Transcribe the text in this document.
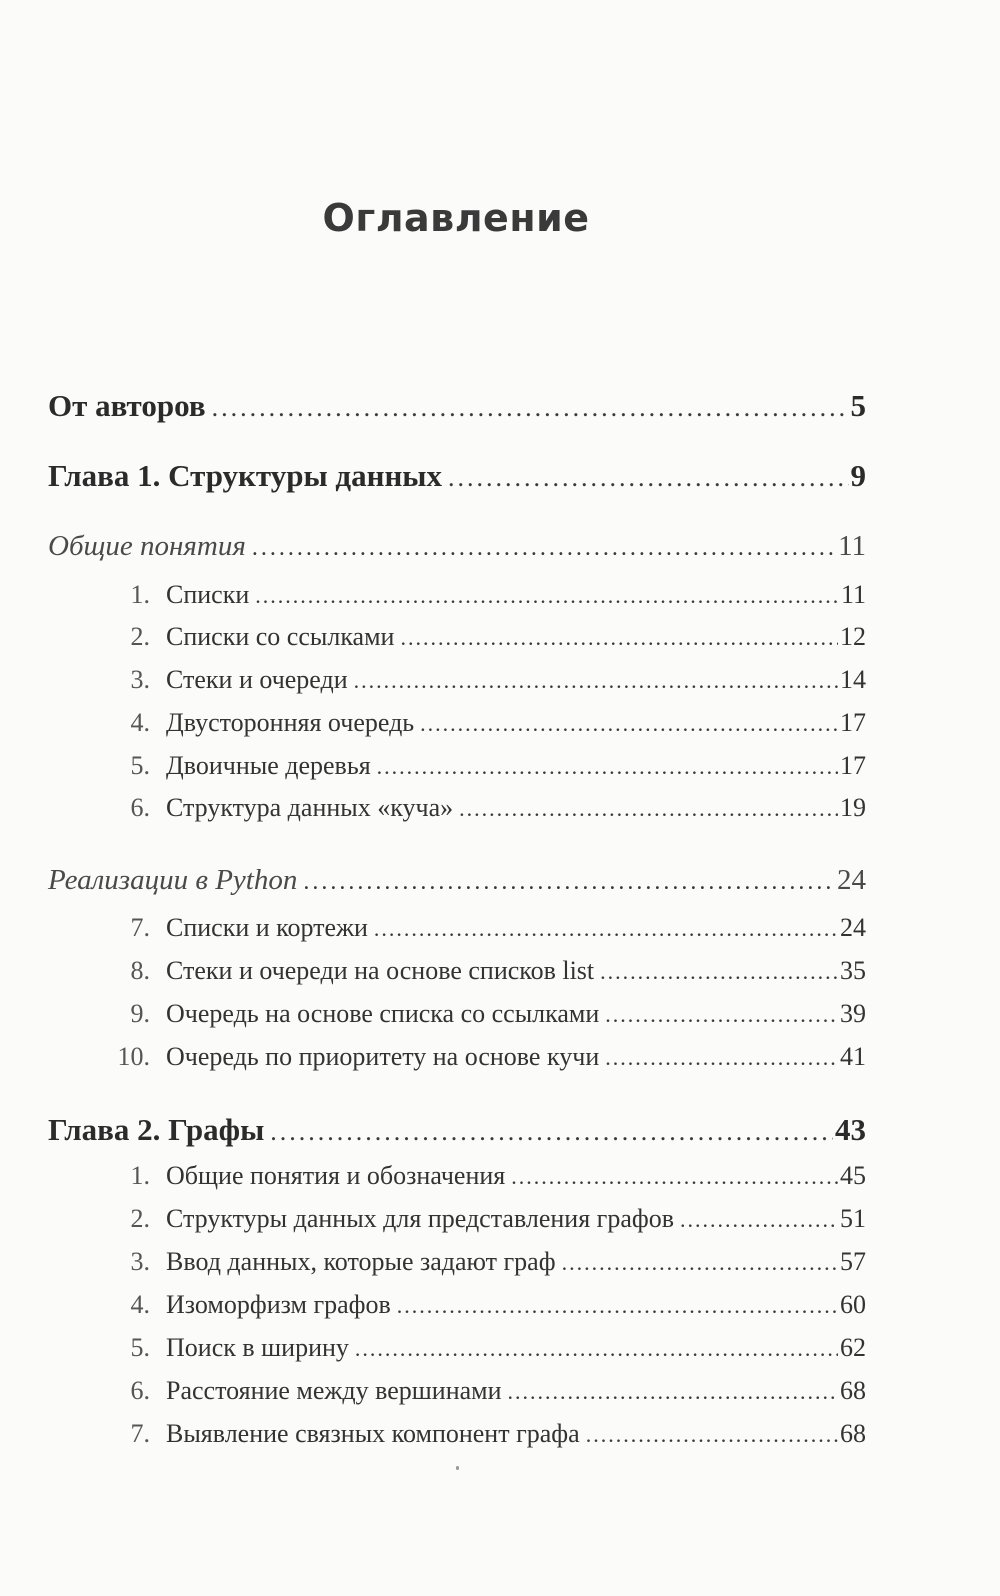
Оглавление
От авторов .....	5
Глава 1. Структуры данных .....	9
Общие понятия .....	11
1. Списки .....	11
2. Списки со ссылками .....	12
3. Стеки и очереди .....	14
4. Двусторонняя очередь .....	17
5. Двоичные деревья .....	17
6. Структура данных «куча» .....	19
Реализации в Python .....	24
7. Списки и кортежи .....	24
8. Стеки и очереди на основе списков list .....	35
9. Очередь на основе списка со ссылками .....	39
10. Очередь по приоритету на основе кучи .....	41
Глава 2. Графы .....	43
1. Общие понятия и обозначения .....	45
2. Структуры данных для представления графов .....	51
3. Ввод данных, которые задают граф .....	57
4. Изоморфизм графов .....	60
5. Поиск в ширину .....	62
6. Расстояние между вершинами .....	68
7. Выявление связных компонент графа .....	68
